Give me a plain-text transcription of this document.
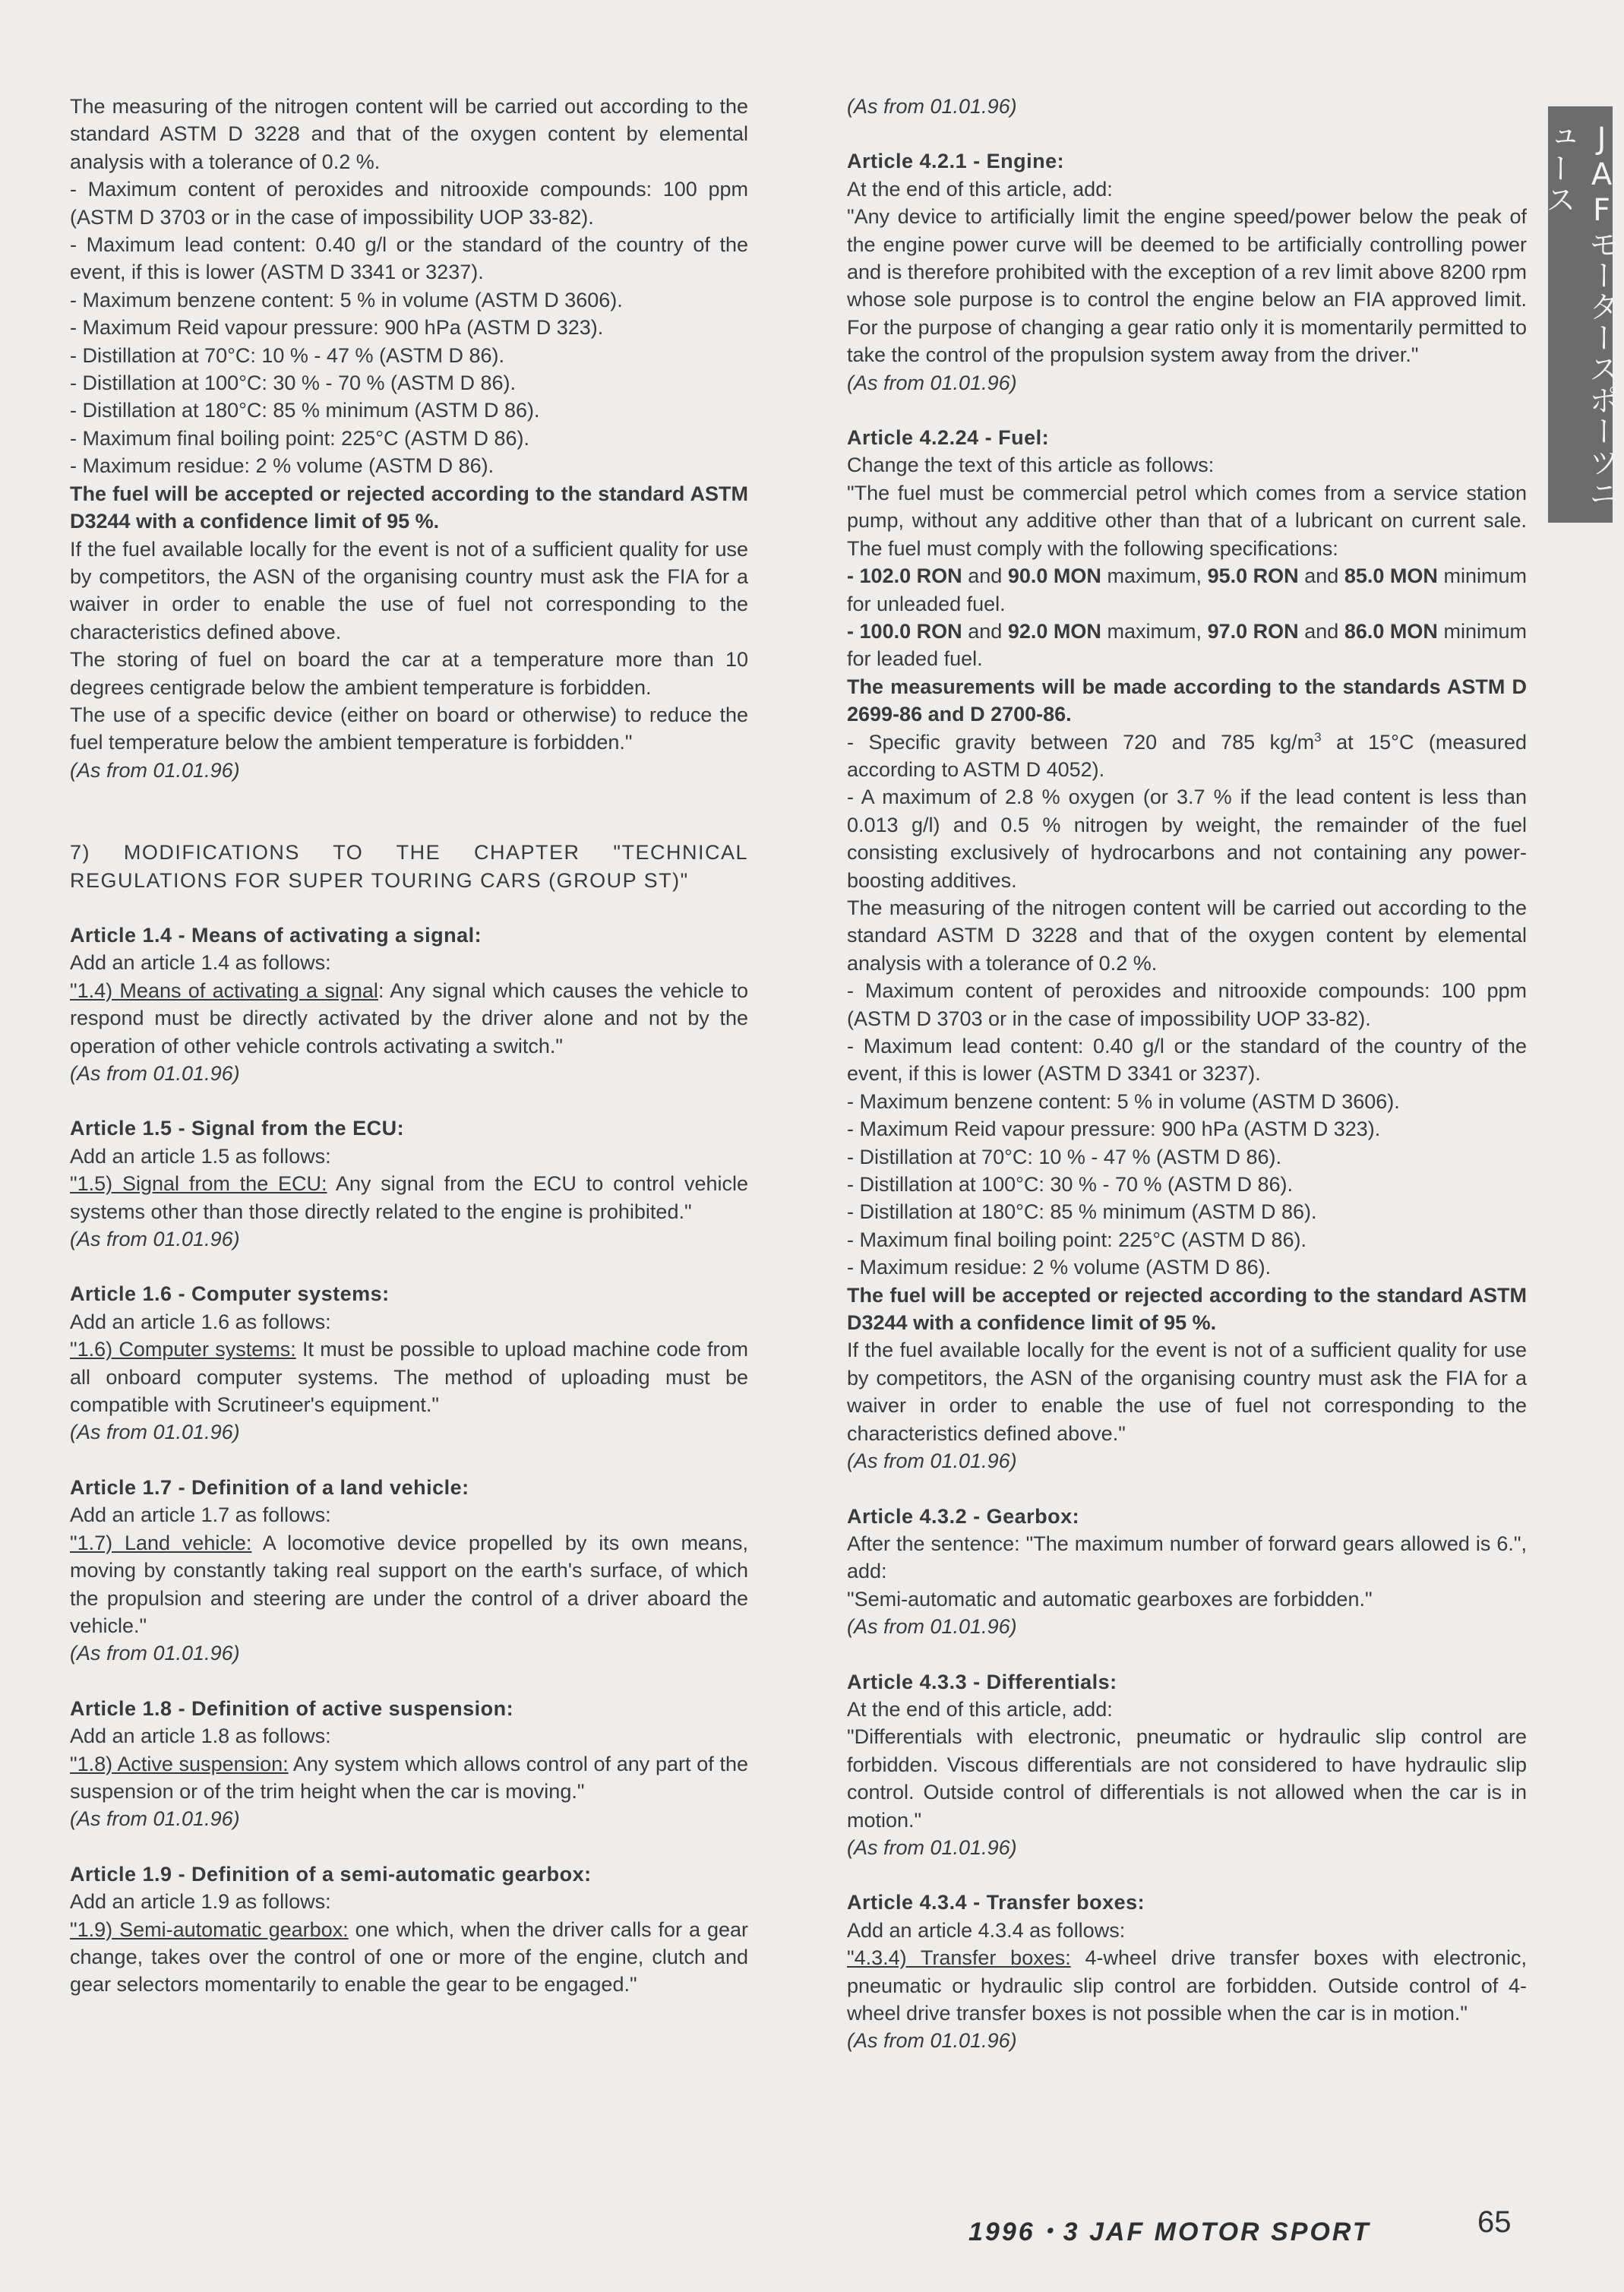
JAFモータースポーツニュース

The measuring of the nitrogen content will be carried out according to the standard ASTM D 3228 and that of the oxygen content by elemental analysis with a tolerance of 0.2 %.

- Maximum content of peroxides and nitrooxide compounds: 100 ppm (ASTM D 3703 or in the case of impossibility UOP 33-82).

- Maximum lead content: 0.40 g/l or the standard of the country of the event, if this is lower (ASTM D 3341 or 3237).

- Maximum benzene content: 5 % in volume (ASTM D 3606).

- Maximum Reid vapour pressure: 900 hPa (ASTM D 323).

- Distillation at 70°C: 10 % - 47 % (ASTM D 86).

- Distillation at 100°C: 30 % - 70 % (ASTM D 86).

- Distillation at 180°C: 85 % minimum (ASTM D 86).

- Maximum final boiling point: 225°C (ASTM D 86).

- Maximum residue: 2 % volume (ASTM D 86).

The fuel will be accepted or rejected according to the standard ASTM D3244 with a confidence limit of 95 %.

If the fuel available locally for the event is not of a sufficient quality for use by competitors, the ASN of the organising country must ask the FIA for a waiver in order to enable the use of fuel not corresponding to the characteristics defined above.

The storing of fuel on board the car at a temperature more than 10 degrees centigrade below the ambient temperature is forbidden.

The use of a specific device (either on board or otherwise) to reduce the fuel temperature below the ambient temperature is forbidden."

(As from 01.01.96)

7) MODIFICATIONS TO THE CHAPTER "TECHNICAL REGULATIONS FOR SUPER TOURING CARS (GROUP ST)"

Article 1.4 - Means of activating a signal:

Add an article 1.4 as follows:

"1.4) Means of activating a signal: Any signal which causes the vehicle to respond must be directly activated by the driver alone and not by the operation of other vehicle controls activating a switch."

(As from 01.01.96)

Article 1.5 - Signal from the ECU:

Add an article 1.5 as follows:

"1.5) Signal from the ECU: Any signal from the ECU to control vehicle systems other than those directly related to the engine is prohibited."

(As from 01.01.96)

Article 1.6 - Computer systems:

Add an article 1.6 as follows:

"1.6) Computer systems: It must be possible to upload machine code from all onboard computer systems. The method of uploading must be compatible with Scrutineer's equipment."

(As from 01.01.96)

Article 1.7 - Definition of a land vehicle:

Add an article 1.7 as follows:

"1.7) Land vehicle: A locomotive device propelled by its own means, moving by constantly taking real support on the earth's surface, of which the propulsion and steering are under the control of a driver aboard the vehicle."

(As from 01.01.96)

Article 1.8 - Definition of active suspension:

Add an article 1.8 as follows:

"1.8) Active suspension: Any system which allows control of any part of the suspension or of the trim height when the car is moving."

(As from 01.01.96)

Article 1.9 - Definition of a semi-automatic gearbox:

Add an article 1.9 as follows:

"1.9) Semi-automatic gearbox: one which, when the driver calls for a gear change, takes over the control of one or more of the engine, clutch and gear selectors momentarily to enable the gear to be engaged."

(As from 01.01.96)

Article 4.2.1 - Engine:

At the end of this article, add:

"Any device to artificially limit the engine speed/power below the peak of the engine power curve will be deemed to be artificially controlling power and is therefore prohibited with the exception of a rev limit above 8200 rpm whose sole purpose is to control the engine below an FIA approved limit. For the purpose of changing a gear ratio only it is momentarily permitted to take the control of the propulsion system away from the driver."

(As from 01.01.96)

Article 4.2.24 - Fuel:

Change the text of this article as follows:

"The fuel must be commercial petrol which comes from a service station pump, without any additive other than that of a lubricant on current sale. The fuel must comply with the following specifications:

- 102.0 RON and 90.0 MON maximum, 95.0 RON and 85.0 MON minimum for unleaded fuel.

- 100.0 RON and 92.0 MON maximum, 97.0 RON and 86.0 MON minimum for leaded fuel.

The measurements will be made according to the standards ASTM D 2699-86 and D 2700-86.

- Specific gravity between 720 and 785 $kg/m^3$ at 15°C (measured according to ASTM D 4052).

- A maximum of 2.8 % oxygen (or 3.7 % if the lead content is less than 0.013 g/l) and 0.5 % nitrogen by weight, the remainder of the fuel consisting exclusively of hydrocarbons and not containing any power-boosting additives.

The measuring of the nitrogen content will be carried out according to the standard ASTM D 3228 and that of the oxygen content by elemental analysis with a tolerance of 0.2 %.

- Maximum content of peroxides and nitrooxide compounds: 100 ppm (ASTM D 3703 or in the case of impossibility UOP 33-82).

- Maximum lead content: 0.40 g/l or the standard of the country of the event, if this is lower (ASTM D 3341 or 3237).

- Maximum benzene content: 5 % in volume (ASTM D 3606).

- Maximum Reid vapour pressure: 900 hPa (ASTM D 323).

- Distillation at 70°C: 10 % - 47 % (ASTM D 86).

- Distillation at 100°C: 30 % - 70 % (ASTM D 86).

- Distillation at 180°C: 85 % minimum (ASTM D 86).

- Maximum final boiling point: 225°C (ASTM D 86).

- Maximum residue: 2 % volume (ASTM D 86).

The fuel will be accepted or rejected according to the standard ASTM D3244 with a confidence limit of 95 %.

If the fuel available locally for the event is not of a sufficient quality for use by competitors, the ASN of the organising country must ask the FIA for a waiver in order to enable the use of fuel not corresponding to the characteristics defined above."

(As from 01.01.96)

Article 4.3.2 - Gearbox:

After the sentence: "The maximum number of forward gears allowed is 6.", add:

"Semi-automatic and automatic gearboxes are forbidden."

(As from 01.01.96)

Article 4.3.3 - Differentials:

At the end of this article, add:

"Differentials with electronic, pneumatic or hydraulic slip control are forbidden. Viscous differentials are not considered to have hydraulic slip control. Outside control of differentials is not allowed when the car is in motion."

(As from 01.01.96)

Article 4.3.4 - Transfer boxes:

Add an article 4.3.4 as follows:

"4.3.4) Transfer boxes: 4-wheel drive transfer boxes with electronic, pneumatic or hydraulic slip control are forbidden. Outside control of 4-wheel drive transfer boxes is not possible when the car is in motion."

(As from 01.01.96)

1996・3 JAF MOTOR SPORT	65
